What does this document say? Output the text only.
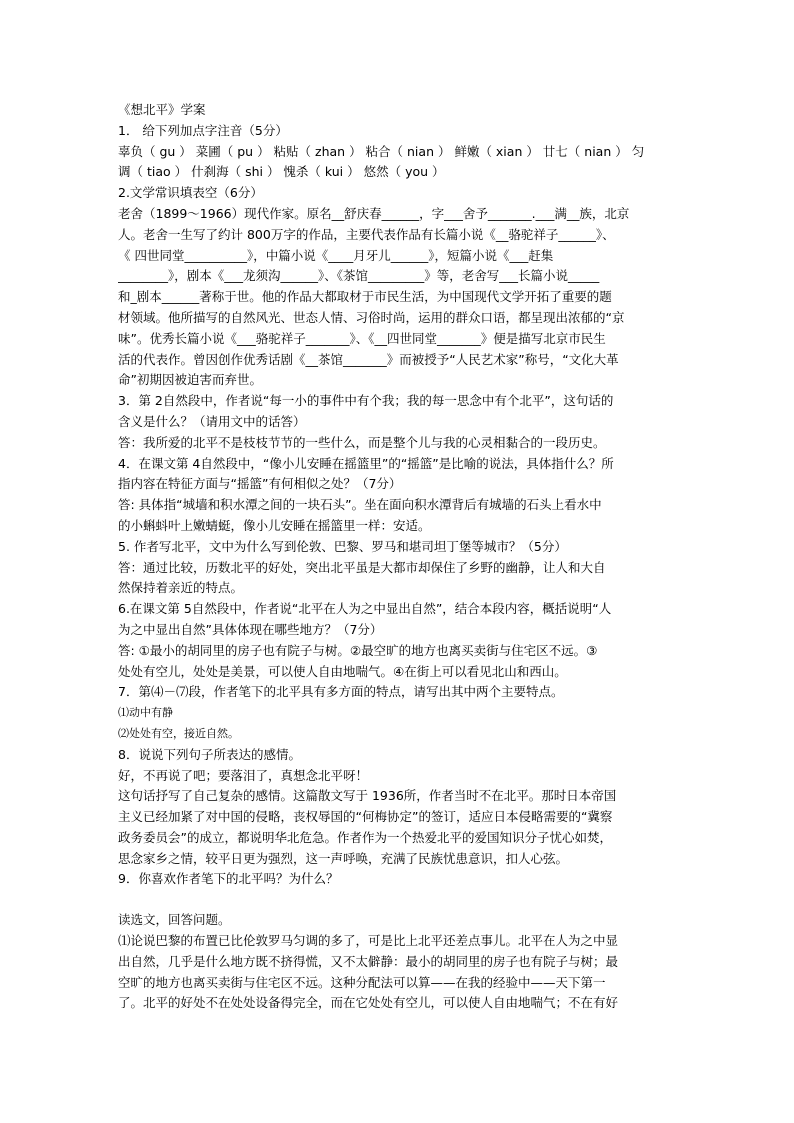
《想北平》学案
1． 给下列加点字注音（5分）
辜负（ gu ） 菜圃（ pu ） 粘贴（ zhan ） 粘合（ nian ） 鲜嫩（ xian ） 廿七（ nian ） 匀
调（ tiao ） 什刹海（ shi ） 愧杀（ kui ） 悠然（ you ）
2.文学常识填表空（6分）
老舍（1899～1966）现代作家。原名__舒庆春______，字___舍予_______.___满__族，北京
人。老舍一生写了约计 800万字的作品，主要代表作品有长篇小说《__骆驼祥子______》、
《 四世同堂__________》，中篇小说《____月牙儿______》，短篇小说《___赶集
________》，剧本《___龙须沟______》、《茶馆_________》等，老舍写___长篇小说_____
和_剧本______著称于世。他的作品大都取材于市民生活，为中国现代文学开拓了重要的题
材领域。他所描写的自然风光、世态人情、习俗时尚，运用的群众口语，都呈现出浓郁的“京
味”。优秀长篇小说《___骆驼祥子_______》、《__四世同堂_______》便是描写北京市民生
活的代表作。曾因创作优秀话剧《__茶馆_______》而被授予“人民艺术家”称号，“文化大革
命”初期因被迫害而弃世。
3．第 2自然段中，作者说“每一小的事件中有个我；我的每一思念中有个北平”，这句话的
含义是什么？（请用文中的话答）
答：我所爱的北平不是枝枝节节的一些什么，而是整个儿与我的心灵相黏合的一段历史。
4．在课文第 4自然段中，“像小儿安睡在摇篮里”的“摇篮”是比喻的说法，具体指什么？所
指内容在特征方面与“摇篮”有何相似之处？（7分）
答: 具体指“城墙和积水潭之间的一块石头”。坐在面向积水潭背后有城墙的石头上看水中
的小蝌蚪叶上嫩蜻蜓，像小儿安睡在摇篮里一样：安适。
5. 作者写北平，文中为什么写到伦敦、巴黎、罗马和堪司坦丁堡等城市？（5分）
答：通过比较，历数北平的好处，突出北平虽是大都市却保住了乡野的幽静，让人和大自
然保持着亲近的特点。
6.在课文第 5自然段中，作者说“北平在人为之中显出自然”，结合本段内容，概括说明“人
为之中显出自然”具体体现在哪些地方？（7分）
答: ①最小的胡同里的房子也有院子与树。②最空旷的地方也离买卖街与住宅区不远。③
处处有空儿，处处是美景，可以使人自由地喘气。④在街上可以看见北山和西山。
7．第⑷－⑺段，作者笔下的北平具有多方面的特点，请写出其中两个主要特点。
⑴动中有静
⑵处处有空，接近自然。
8．说说下列句子所表达的感情。
好，不再说了吧；要落泪了，真想念北平呀！
这句话抒写了自己复杂的感情。这篇散文写于 1936所，作者当时不在北平。那时日本帝国
主义已经加紧了对中国的侵略，丧权辱国的“何梅协定”的签订，适应日本侵略需要的“冀察
政务委员会”的成立，都说明华北危急。作者作为一个热爱北平的爱国知识分子忧心如焚，
思念家乡之情，较平日更为强烈，这一声呼唤，充满了民族忧患意识，扣人心弦。
9．你喜欢作者笔下的北平吗？为什么？
读选文，回答问题。
⑴论说巴黎的布置已比伦敦罗马匀调的多了，可是比上北平还差点事儿。北平在人为之中显
出自然，几乎是什么地方既不挤得慌，又不太僻静：最小的胡同里的房子也有院子与树；最
空旷的地方也离买卖街与住宅区不远。这种分配法可以算——在我的经验中——天下第一
了。北平的好处不在处处设备得完全，而在它处处有空儿，可以使人自由地喘气；不在有好
